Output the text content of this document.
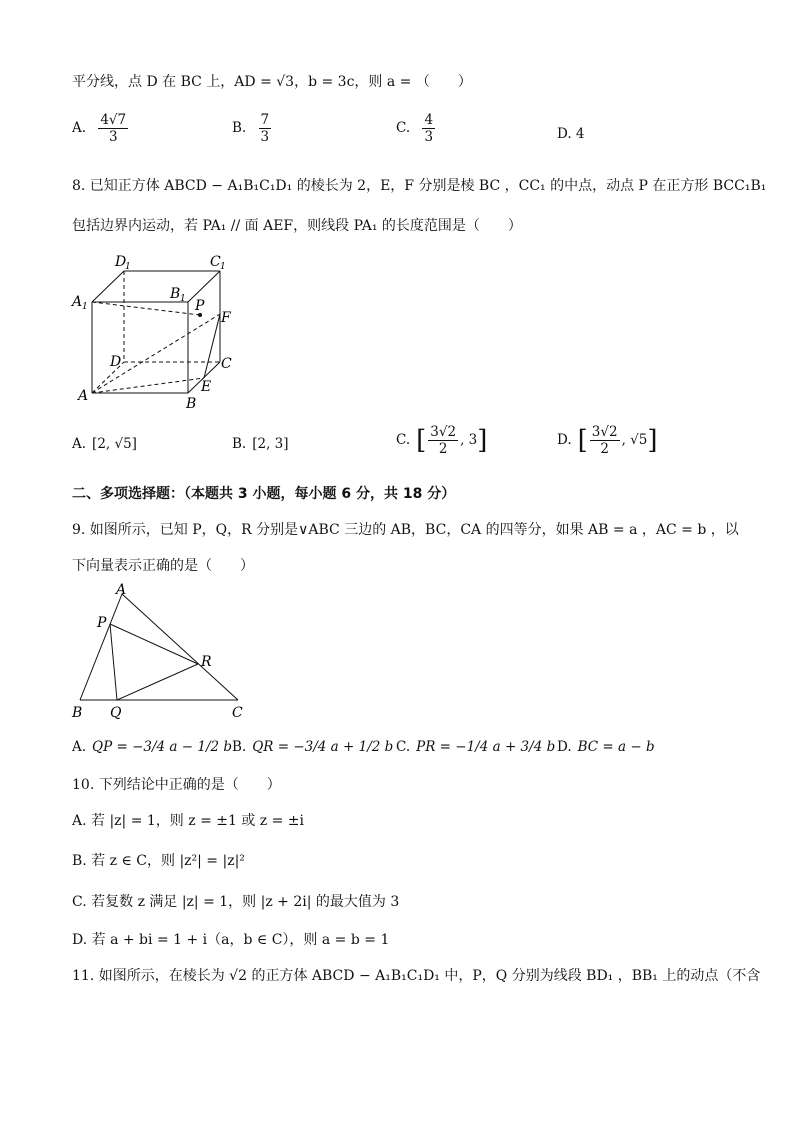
平分线，点 D 在 BC 上，AD = √3，b = 3c，则 a = （　　）
A. $\frac{4√7}{3}$	B. $\frac{7}{3}$	C. $\frac{4}{3}$	D. 4
8. 已知正方体 ABCD − A₁B₁C₁D₁ 的棱长为 2，E，F 分别是棱 BC ，CC₁ 的中点，动点 P 在正方形 BCC₁B₁
包括边界内运动，若 PA₁ // 面 AEF，则线段 PA₁ 的长度范围是（　　）
D
1	C 1
B 1
A 1	P
F
D	C
A
E
B
A. [2, √5]	B. [2, 3]	C. [ $\frac{3√2}{2}$ , 3]	D. [ $\frac{3√2}{2}$ , √5]
二、多项选择题：（本题共 3 小题，每小题 6 分，共 18 分）
9. 如图所示，已知 P，Q，R 分别是∨ABC 三边的 AB，BC，CA 的四等分，如果 AB = a ，AC = b ，以
下向量表示正确的是（　　）
A
P
R
B Q	C
A. QP = −3/4 a − 1/2 b B. QR = −3/4 a + 1/2 b C. PR = −1/4 a + 3/4 b D. BC = a − b
10. 下列结论中正确的是（　　）
A. 若 |z| = 1，则 z = ±1 或 z = ±i
B. 若 z ∈ C，则 |z²| = |z|²
C. 若复数 z 满足 |z| = 1，则 |z + 2i| 的最大值为 3
D. 若 a + bi = 1 + i（a，b ∈ C），则 a = b = 1
11. 如图所示，在棱长为 √2 的正方体 ABCD − A₁B₁C₁D₁ 中，P，Q 分别为线段 BD₁ ，BB₁ 上的动点（不含
